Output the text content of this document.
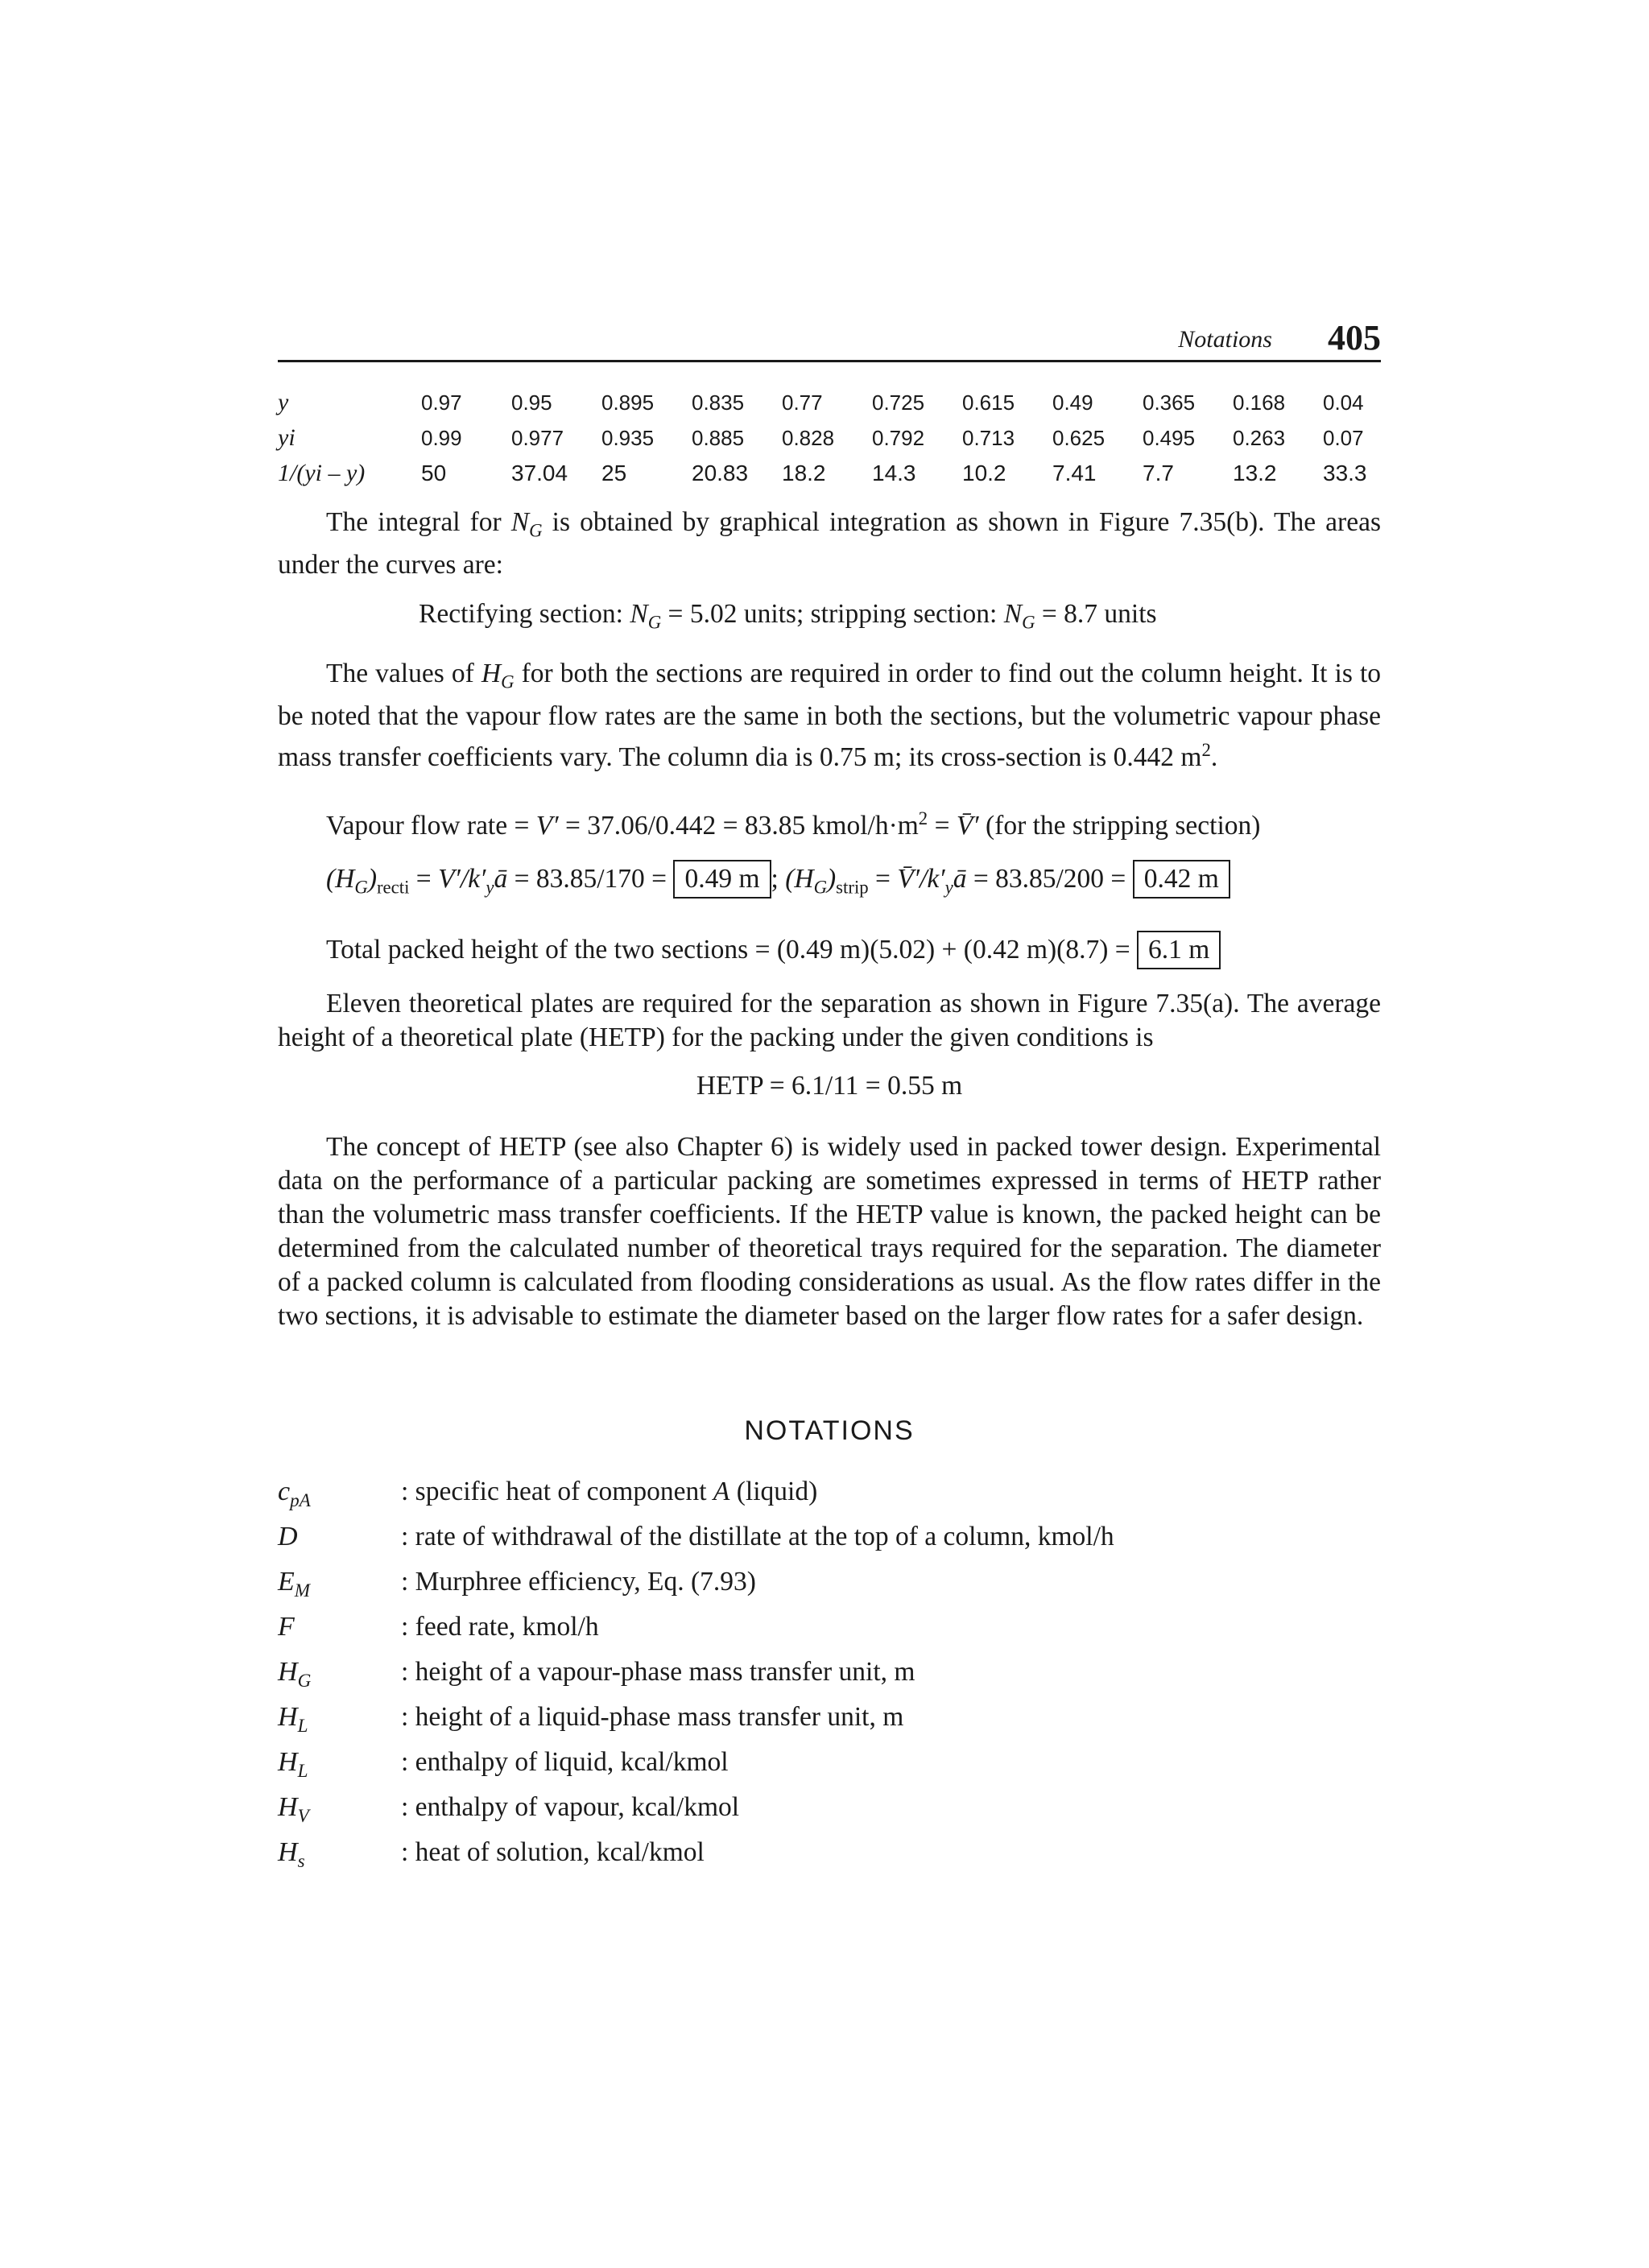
Notations 405
y	0.97	0.95	0.895	0.835	0.77	0.725	0.615	0.49	0.365	0.168	0.04
yi	0.99	0.977	0.935	0.885	0.828	0.792	0.713	0.625	0.495	0.263	0.07
1/(yi – y)	50	37.04	25	20.83	18.2	14.3	10.2	7.41	7.7	13.2	33.3

The integral for $N_G$ is obtained by graphical integration as shown in Figure 7.35(b). The areas under the curves are:

Rectifying section: $N_G = 5.02$ units; stripping section: $N_G = 8.7$ units

The values of $H_G$ for both the sections are required in order to find out the column height. It is to be noted that the vapour flow rates are the same in both the sections, but the volumetric vapour phase mass transfer coefficients vary. The column dia is 0.75 m; its cross-section is 0.442 $m^2$.

Vapour flow rate = V′ = 37.06/0.442 = 83.85 kmol/$h\cdot m^2$ = V̄′ (for the stripping section)
$(H_G)_{recti}$ = $V'/k'_yā = 83.85/170 = 0.49$ m ; $(H_G)_{strip}$ = $V̄'/k'_yā = 83.85/200 = 0.42$ m
Total packed height of the two sections = (0.49 m)(5.02) + (0.42 m)(8.7) = 6.1 m

Eleven theoretical plates are required for the separation as shown in Figure 7.35(a). The average height of a theoretical plate (HETP) for the packing under the given conditions is

HETP = 6.1/11 = 0.55 m

The concept of HETP (see also Chapter 6) is widely used in packed tower design. Experimental data on the performance of a particular packing are sometimes expressed in terms of HETP rather than the volumetric mass transfer coefficients. If the HETP value is known, the packed height can be determined from the calculated number of theoretical trays required for the separation. The diameter of a packed column is calculated from flooding considerations as usual. As the flow rates differ in the two sections, it is advisable to estimate the diameter based on the larger flow rates for a safer design.

NOTATIONS
$c_{pA}$	: specific heat of component A (liquid)
D	: rate of withdrawal of the distillate at the top of a column, kmol/h
$E_M$	: Murphree efficiency, Eq. (7.93)
F	: feed rate, kmol/h
$H_G$	: height of a vapour-phase mass transfer unit, m
$H_L$	: height of a liquid-phase mass transfer unit, m
$H_L$	: enthalpy of liquid, kcal/kmol
$H_V$	: enthalpy of vapour, kcal/kmol
$H_s$	: heat of solution, kcal/kmol
